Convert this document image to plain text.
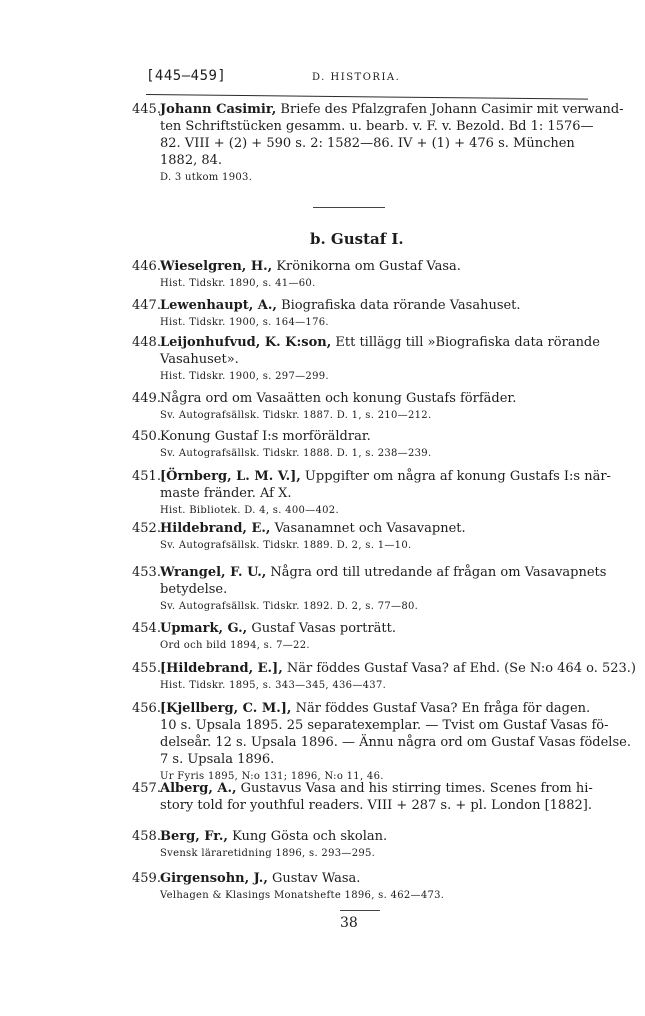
[445—459]	D. HISTORIA.
445.Johann Casimir, Briefe des Pfalzgrafen Johann Casimir mit verwand-
ten Schriftstücken gesamm. u. bearb. v. F. v. Bezold. Bd 1: 1576—
82. VIII + (2) + 590 s. 2: 1582—86. IV + (1) + 476 s. München
1882, 84.
D. 3 utkom 1903.
b. Gustaf I.
446.Wieselgren, H., Krönikorna om Gustaf Vasa.
Hist. Tidskr. 1890, s. 41—60.
447.Lewenhaupt, A., Biografiska data rörande Vasahuset.
Hist. Tidskr. 1900, s. 164—176.
448.Leijonhufvud, K. K:son, Ett tillägg till »Biografiska data rörande
Vasahuset».
Hist. Tidskr. 1900, s. 297—299.
449.Några ord om Vasaätten och konung Gustafs förfäder.
Sv. Autografsällsk. Tidskr. 1887. D. 1, s. 210—212.
450.Konung Gustaf I:s morföräldrar.
Sv. Autografsällsk. Tidskr. 1888. D. 1, s. 238—239.
451.[Örnberg, L. M. V.], Uppgifter om några af konung Gustafs I:s när-
maste fränder. Af X.
Hist. Bibliotek. D. 4, s. 400—402.
452.Hildebrand, E., Vasanamnet och Vasavapnet.
Sv. Autografsällsk. Tidskr. 1889. D. 2, s. 1—10.
453.Wrangel, F. U., Några ord till utredande af frågan om Vasavapnets
betydelse.
Sv. Autografsällsk. Tidskr. 1892. D. 2, s. 77—80.
454.Upmark, G., Gustaf Vasas porträtt.
Ord och bild 1894, s. 7—22.
455.[Hildebrand, E.], När föddes Gustaf Vasa? af Ehd. (Se N:o 464 o. 523.)
Hist. Tidskr. 1895, s. 343—345, 436—437.
456.[Kjellberg, C. M.], När föddes Gustaf Vasa? En fråga för dagen.
10 s. Upsala 1895. 25 separatexemplar. — Tvist om Gustaf Vasas fö-
delseår. 12 s. Upsala 1896. — Ännu några ord om Gustaf Vasas födelse.
7 s. Upsala 1896.
Ur Fyris 1895, N:o 131; 1896, N:o 11, 46.
457.Alberg, A., Gustavus Vasa and his stirring times. Scenes from hi-
story told for youthful readers. VIII + 287 s. + pl. London [1882].
458.Berg, Fr., Kung Gösta och skolan.
Svensk läraretidning 1896, s. 293—295.
459.Girgensohn, J., Gustav Wasa.
Velhagen & Klasings Monatshefte 1896, s. 462—473.
38
